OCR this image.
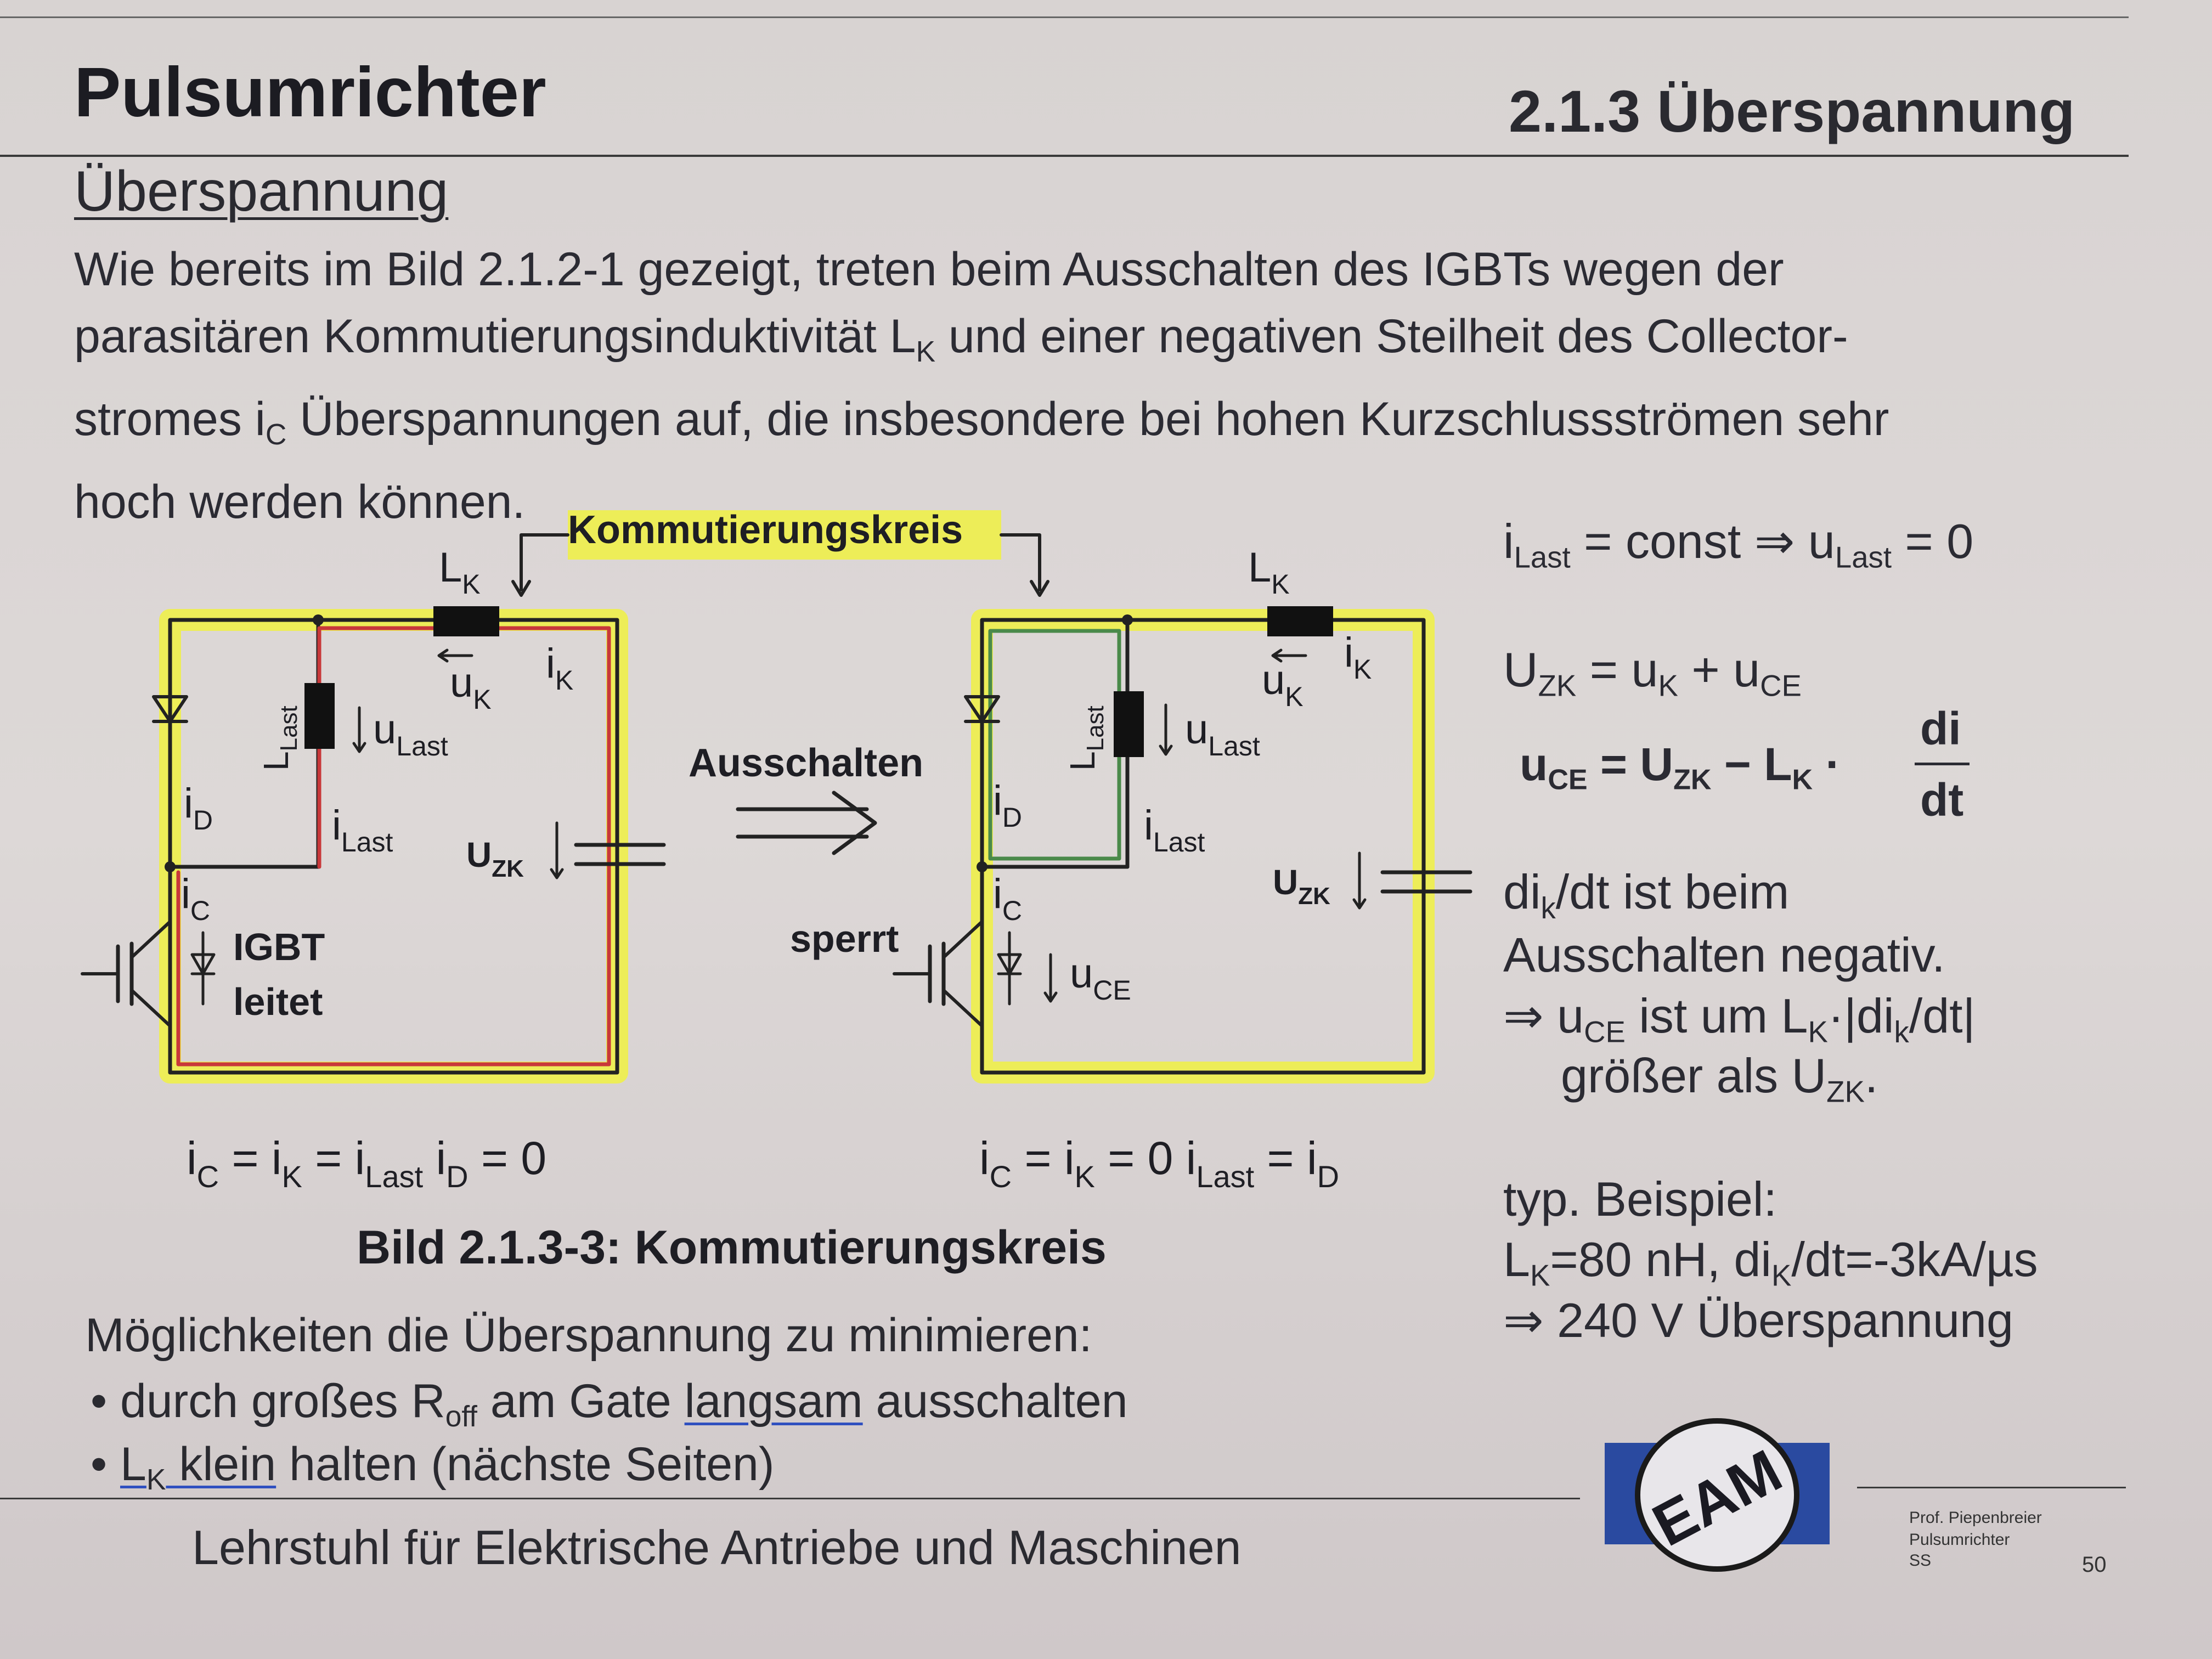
Pulsumrichter	2.1.3 Überspannung
Überspannung
Wie bereits im Bild 2.1.2-1 gezeigt, treten beim Ausschalten des IGBTs wegen der
parasitären Kommutierungsinduktivität $L_K$ und einer negativen Steilheit des Collector-
stromes $i_C$ Überspannungen auf, die insbesondere bei hohen Kurzschlussströmen sehr
hoch werden können.
Kommutierungskreis
Ausschalten
$L_K$
$u_K$
$i_K$
$u_{Last}$
$i_{Last}$ $U_{ZK}$
$i_D$
$i_C$
IGBT
leitet
$L_{Last}$
$L_K$
$u_K$
$i_K$
$u_{Last}$
$i_{Last}$
$U_{ZK}$
$i_D$
$i_C$
$u_{CE}$
sperrt
$L_{Last}$
$i_C = i_K = i_{Last}$ $i_D = 0$	$i_C = i_K = 0$ $i_{Last} = i_D$
Bild 2.1.3-3: Kommutierungskreis
$i_{Last}$ = const ⇒ $u_{Last} = 0$
$U_{ZK} = u_K + u_{CE}$
$u_{CE} = U_{ZK} - L_K$ ·
di
dt
$di_k/dt$ ist beim
Ausschalten negativ.
⇒ $u_{CE}$ ist um $L_K\cdot|di_k/dt|$
größer als $U_{ZK}$.
typ. Beispiel:
$L_K=80$ nH, $di_K/dt=-3kA/\mu s$
⇒ 240 V Überspannung
Möglichkeiten die Überspannung zu minimieren:
• durch großes $R_{off}$ am Gate langsam ausschalten
• $L_K$ klein halten (nächste Seiten)
Lehrstuhl für Elektrische Antriebe und Maschinen	EAM	Prof. Piepenbreier
Pulsumrichter
SS	50
